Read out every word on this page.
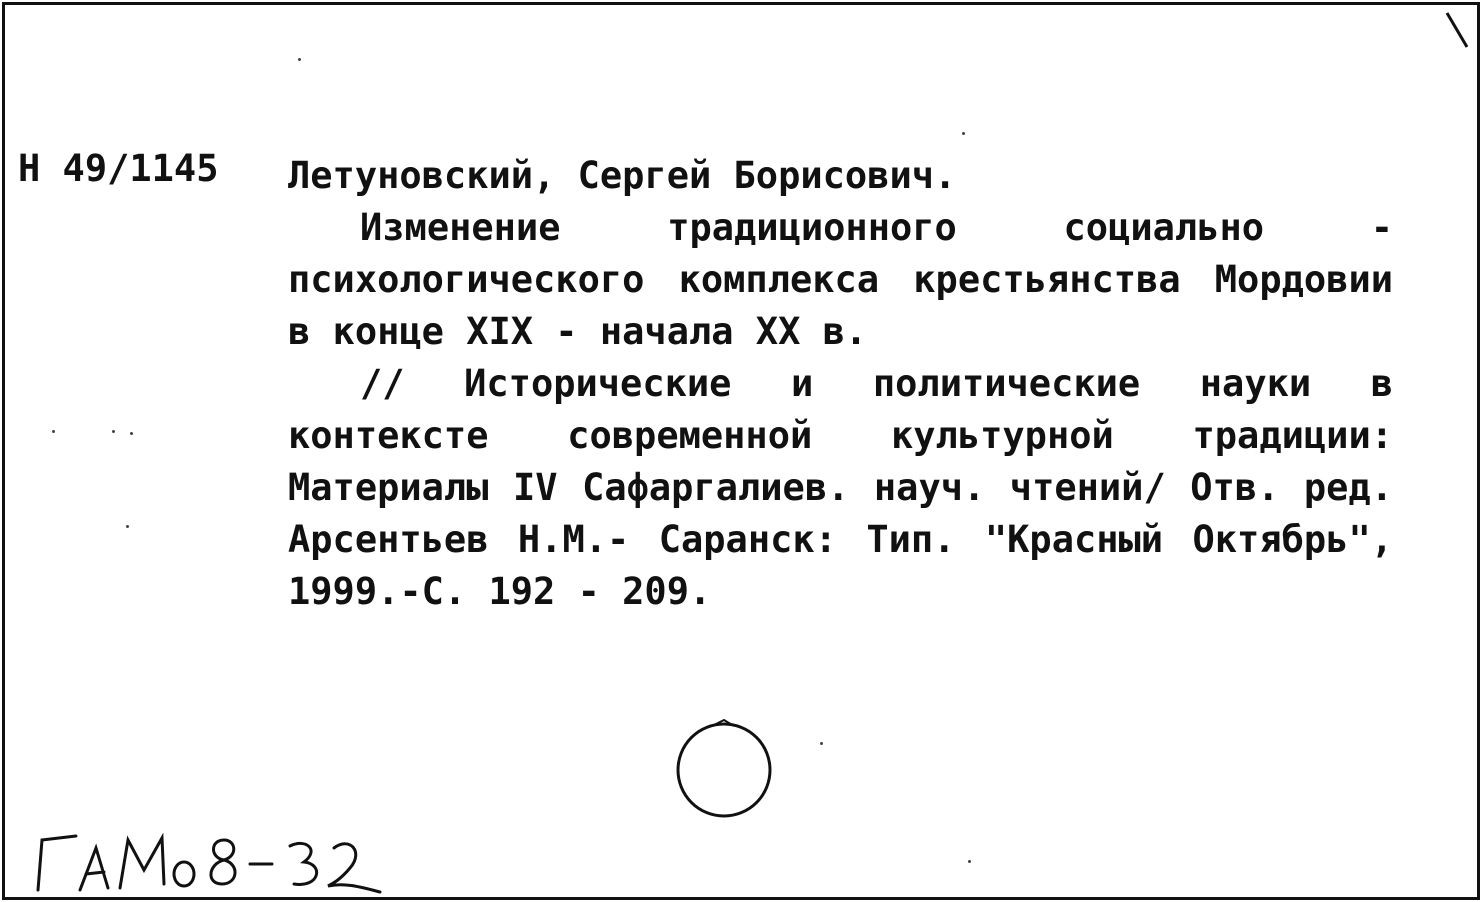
Н 49/1145 Летуновский, Сергей Борисович.

Изменение традиционного социально - психологического комплекса крестьянства Мордовии в конце XIX - начала XX в.

// Исторические и политические науки в контексте современной культурной традиции: Материалы IV Сафаргалиев. науч. чтений/ Отв. ред. Арсентьев Н.М.- Саранск: Тип. "Красный Октябрь", 1999.-С. 192 - 209.
